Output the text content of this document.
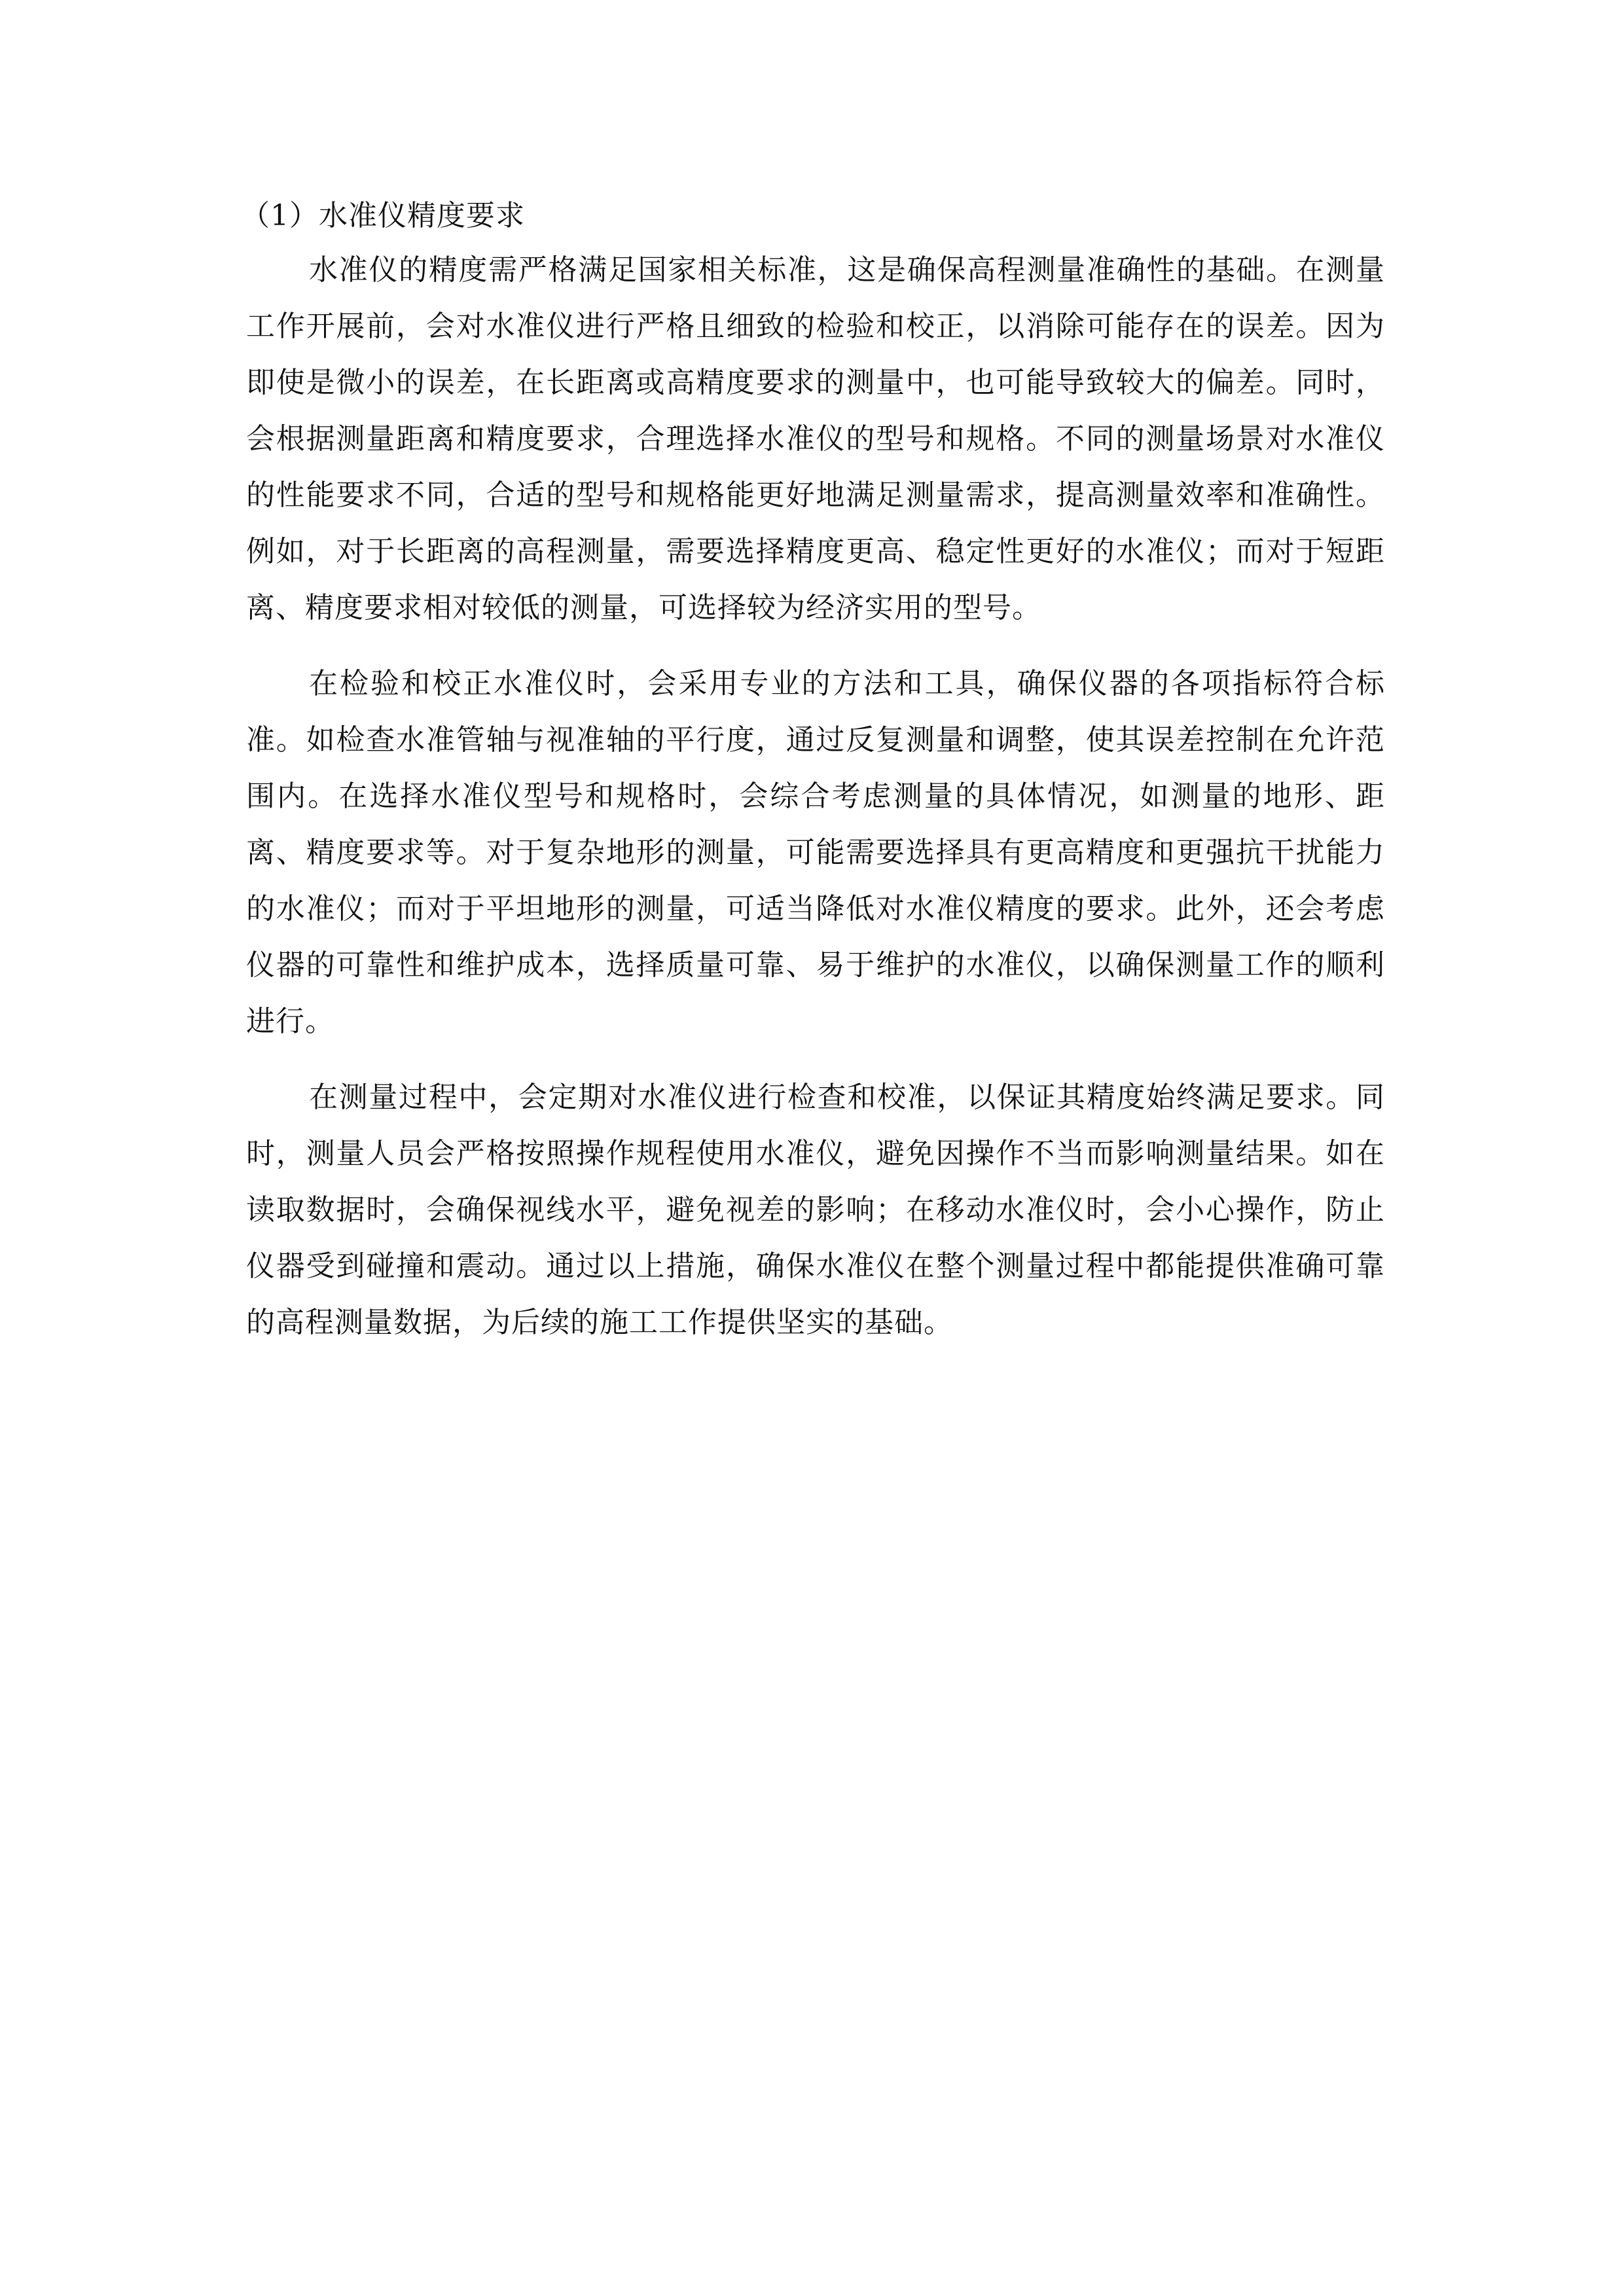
（1）水准仪精度要求

水准仪的精度需严格满足国家相关标准，这是确保高程测量准确性的基础。在测量工作开展前，会对水准仪进行严格且细致的检验和校正，以消除可能存在的误差。因为即使是微小的误差，在长距离或高精度要求的测量中，也可能导致较大的偏差。同时，会根据测量距离和精度要求，合理选择水准仪的型号和规格。不同的测量场景对水准仪的性能要求不同，合适的型号和规格能更好地满足测量需求，提高测量效率和准确性。例如，对于长距离的高程测量，需要选择精度更高、稳定性更好的水准仪；而对于短距离、精度要求相对较低的测量，可选择较为经济实用的型号。

在检验和校正水准仪时，会采用专业的方法和工具，确保仪器的各项指标符合标准。如检查水准管轴与视准轴的平行度，通过反复测量和调整，使其误差控制在允许范围内。在选择水准仪型号和规格时，会综合考虑测量的具体情况，如测量的地形、距离、精度要求等。对于复杂地形的测量，可能需要选择具有更高精度和更强抗干扰能力的水准仪；而对于平坦地形的测量，可适当降低对水准仪精度的要求。此外，还会考虑仪器的可靠性和维护成本，选择质量可靠、易于维护的水准仪，以确保测量工作的顺利进行。

在测量过程中，会定期对水准仪进行检查和校准，以保证其精度始终满足要求。同时，测量人员会严格按照操作规程使用水准仪，避免因操作不当而影响测量结果。如在读取数据时，会确保视线水平，避免视差的影响；在移动水准仪时，会小心操作，防止仪器受到碰撞和震动。通过以上措施，确保水准仪在整个测量过程中都能提供准确可靠的高程测量数据，为后续的施工工作提供坚实的基础。
